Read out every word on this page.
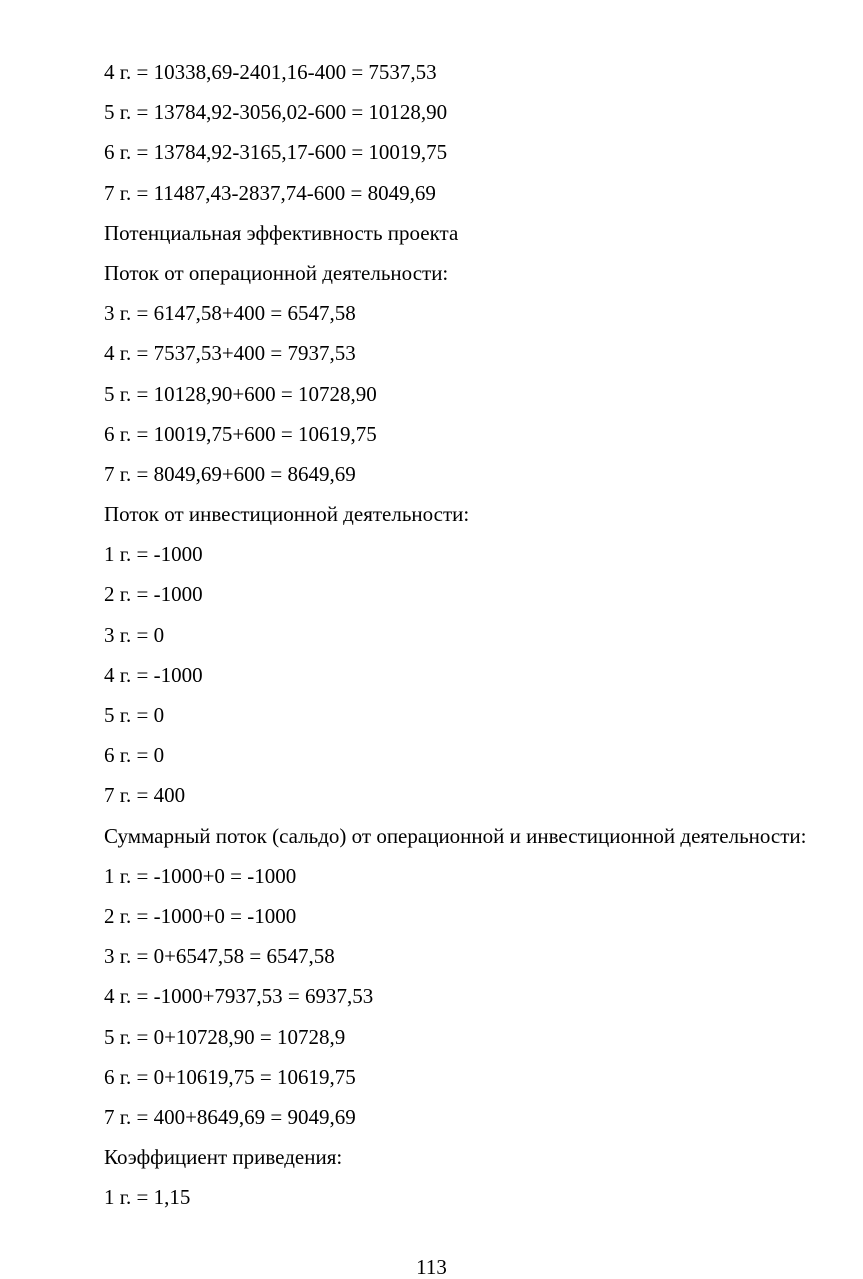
4 г. = 10338,69-2401,16-400 = 7537,53
5 г. = 13784,92-3056,02-600 = 10128,90
6 г. = 13784,92-3165,17-600 = 10019,75
7 г. = 11487,43-2837,74-600 = 8049,69
Потенциальная эффективность проекта
Поток от операционной деятельности:
3 г. = 6147,58+400 = 6547,58
4 г. = 7537,53+400 = 7937,53
5 г. = 10128,90+600 = 10728,90
6 г. = 10019,75+600 = 10619,75
7 г. = 8049,69+600 = 8649,69
Поток от инвестиционной деятельности:
1 г. = -1000
2 г. = -1000
3 г. = 0
4 г. = -1000
5 г. = 0
6 г. = 0
7 г. = 400
Суммарный поток (сальдо) от операционной и инвестиционной деятельности:
1 г. = -1000+0 = -1000
2 г. = -1000+0 = -1000
3 г. = 0+6547,58 = 6547,58
4 г. = -1000+7937,53 = 6937,53
5 г. = 0+10728,90 = 10728,9
6 г. = 0+10619,75 = 10619,75
7 г. = 400+8649,69 = 9049,69
Коэффициент приведения:
1 г. = 1,15
113
